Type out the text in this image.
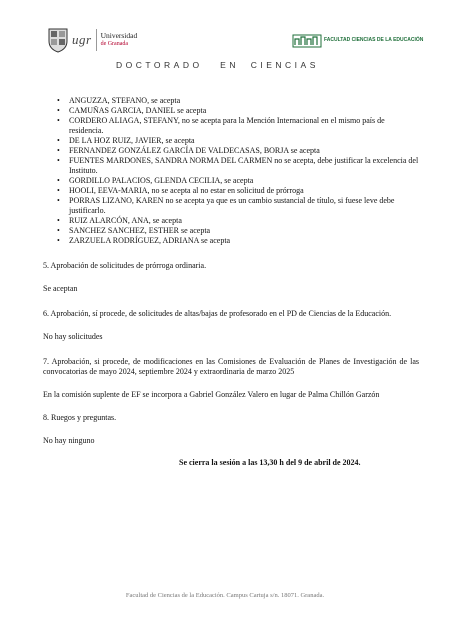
ugr Universidad
de Granada
FACULTAD CIENCIAS DE LA EDUCACIÓN
DOCTORADO   EN  CIENCIAS
• ANGUZZA, STEFANO, se acepta
• CAMUÑAS GARCIA, DANIEL se acepta
• CORDERO ALIAGA, STEFANY, no se acepta para la Mención Internacional en el mismo país de residencia.
• DE LA HOZ RUIZ, JAVIER, se acepta
• FERNANDEZ GONZÁLEZ GARCÍA DE VALDECASAS, BORJA se acepta
• FUENTES MARDONES, SANDRA NORMA DEL CARMEN no se acepta, debe justificar la excelencia del Instituto.
• GORDILLO PALACIOS, GLENDA CECILIA, se acepta
• HOOLI, EEVA-MARIA, no se acepta al no estar en solicitud de prórroga
• PORRAS LIZANO, KAREN no se acepta ya que es un cambio sustancial de título, si fuese leve debe justificarlo.
• RUIZ ALARCÓN, ANA, se acepta
• SANCHEZ SANCHEZ, ESTHER se acepta
• ZARZUELA RODRÍGUEZ, ADRIANA se acepta

5. Aprobación de solicitudes de prórroga ordinaria.

Se aceptan

6. Aprobación, sí procede, de solicitudes de altas/bajas de profesorado en el PD de Ciencias de la Educación.

No hay solicitudes

7. Aprobación, si procede, de modificaciones en las Comisiones de Evaluación de Planes de Investigación de las convocatorias de mayo 2024, septiembre 2024 y extraordinaria de marzo 2025

En la comisión suplente de EF se incorpora a Gabriel González Valero en lugar de Palma Chillón Garzón

8. Ruegos y preguntas.

No hay ninguno

Se cierra la sesión a las 13,30 h del 9 de abril de 2024.

Facultad de Ciencias de la Educación. Campus Cartuja s/n. 18071. Granada.
